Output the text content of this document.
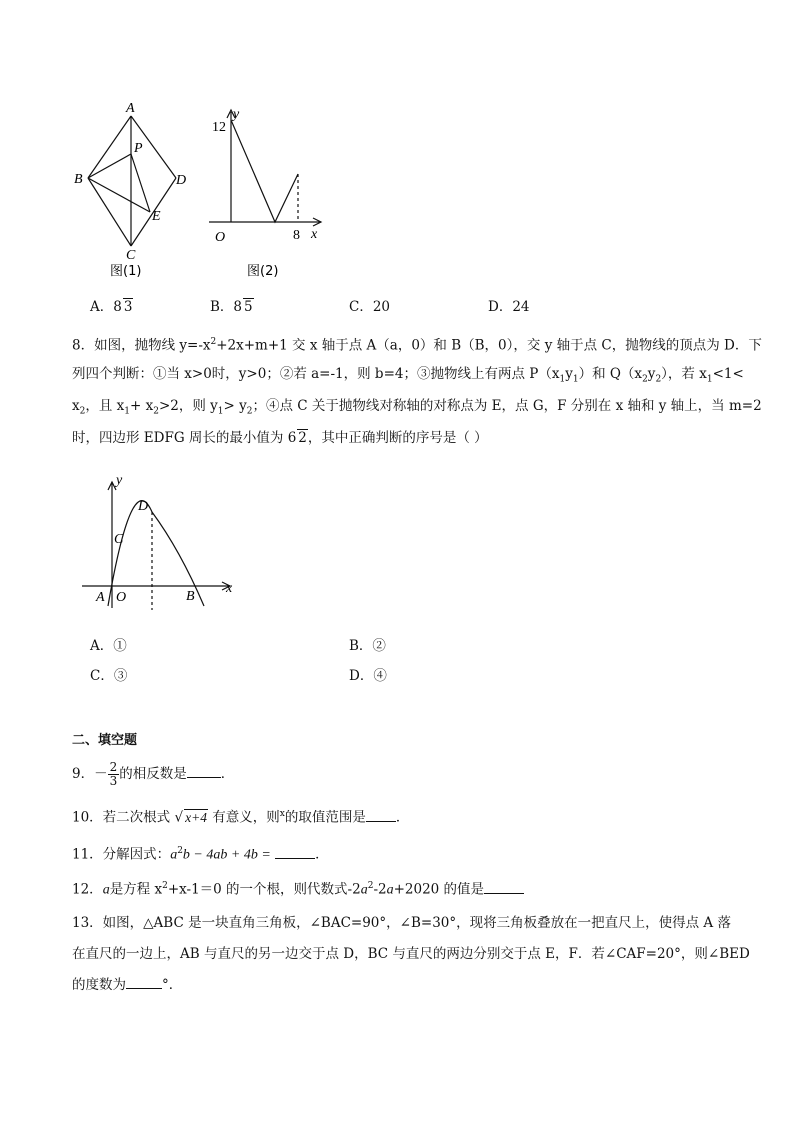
A
B
C
D
P
E
图(1)
y
x
O
12
8
图(2)
A．8 3	B．8 5	C．20	D．24
8．如图，抛物线 $y=-x^2+2x+m+1$ 交 x 轴于点 A（a，0）和 B（B，0），交 y 轴于点 C，抛物线的顶点为 D．下
列四个判断：①当 x>0时，y>0；②若 a=-1，则 b=4；③抛物线上有两点 $P(x_1y_1)$和 $Q(x_2y_2)$，若 $x_1<1<$
$x_2$，且 $x_1+ x_2>2$，则 $y_1> y_2$；④点 C 关于抛物线对称轴的对称点为 E，点 G，F 分别在 x 轴和 y 轴上，当 m=2
时，四边形 EDFG 周长的最小值为 6 2，其中正确判断的序号是（ ）
y
x
A O	B
C
D
A．①	B．②
C．③	D．④
二、填空题
9．－ $\frac{2}{3}$ 的相反数是	．
10．若二次根式 √ x+4 有意义，则$^x$的取值范围是 ．
11．分解因式：$a^2b - 4ab + 4b$ =	．
12．a是方程 $x^2+x-1=0$ 的一个根，则代数式$-2a^2-2a+2020$ 的值是
13．如图，△ABC 是一块直角三角板，∠BAC=90°，∠B=30°，现将三角板叠放在一把直尺上，使得点 A 落
在直尺的一边上，AB 与直尺的另一边交于点 D，BC 与直尺的两边分别交于点 E，F．若∠CAF=20°，则∠BED
的度数为	°．
